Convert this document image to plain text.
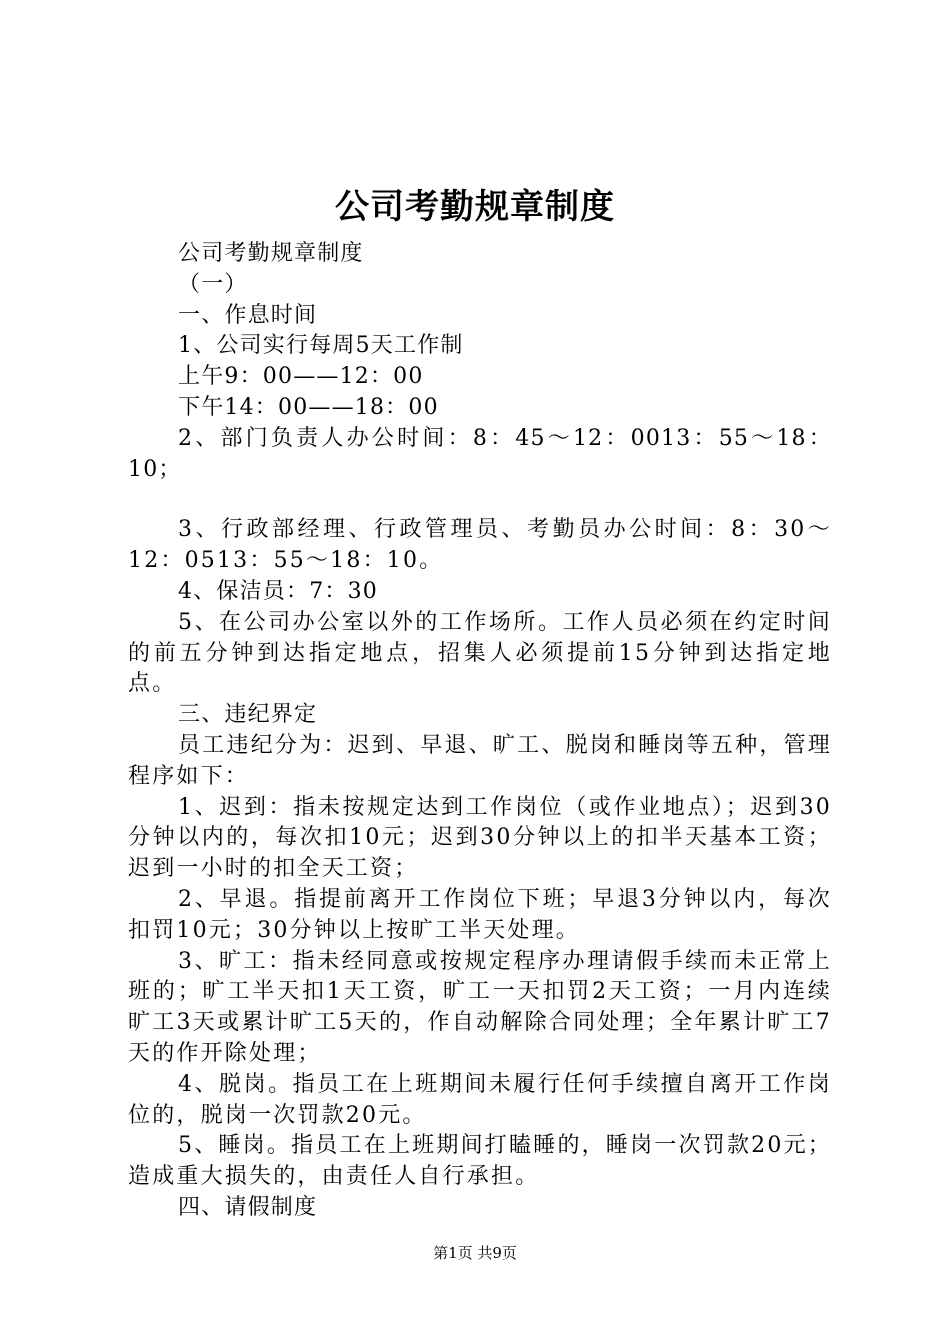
公司考勤规章制度

公司考勤规章制度

（一）

一、作息时间

1、公司实行每周5天工作制

上午9：00——12：00

下午14：00——18：00

2、部门负责人办公时间：8：45～12：0013：55～18：10；

3、行政部经理、行政管理员、考勤员办公时间：8：30～12：0513：55～18：10。

4、保洁员：7：30

5、在公司办公室以外的工作场所。工作人员必须在约定时间的前五分钟到达指定地点，招集人必须提前15分钟到达指定地点。

三、违纪界定

员工违纪分为：迟到、早退、旷工、脱岗和睡岗等五种，管理程序如下：

1、迟到：指未按规定达到工作岗位（或作业地点）；迟到30分钟以内的，每次扣10元；迟到30分钟以上的扣半天基本工资；迟到一小时的扣全天工资；

2、早退。指提前离开工作岗位下班；早退3分钟以内，每次扣罚10元；30分钟以上按旷工半天处理。

3、旷工：指未经同意或按规定程序办理请假手续而未正常上班的；旷工半天扣1天工资，旷工一天扣罚2天工资；一月内连续旷工3天或累计旷工5天的，作自动解除合同处理；全年累计旷工7天的作开除处理；

4、脱岗。指员工在上班期间未履行任何手续擅自离开工作岗位的，脱岗一次罚款20元。

5、睡岗。指员工在上班期间打瞌睡的，睡岗一次罚款20元；造成重大损失的，由责任人自行承担。

四、请假制度

第1页 共9页
